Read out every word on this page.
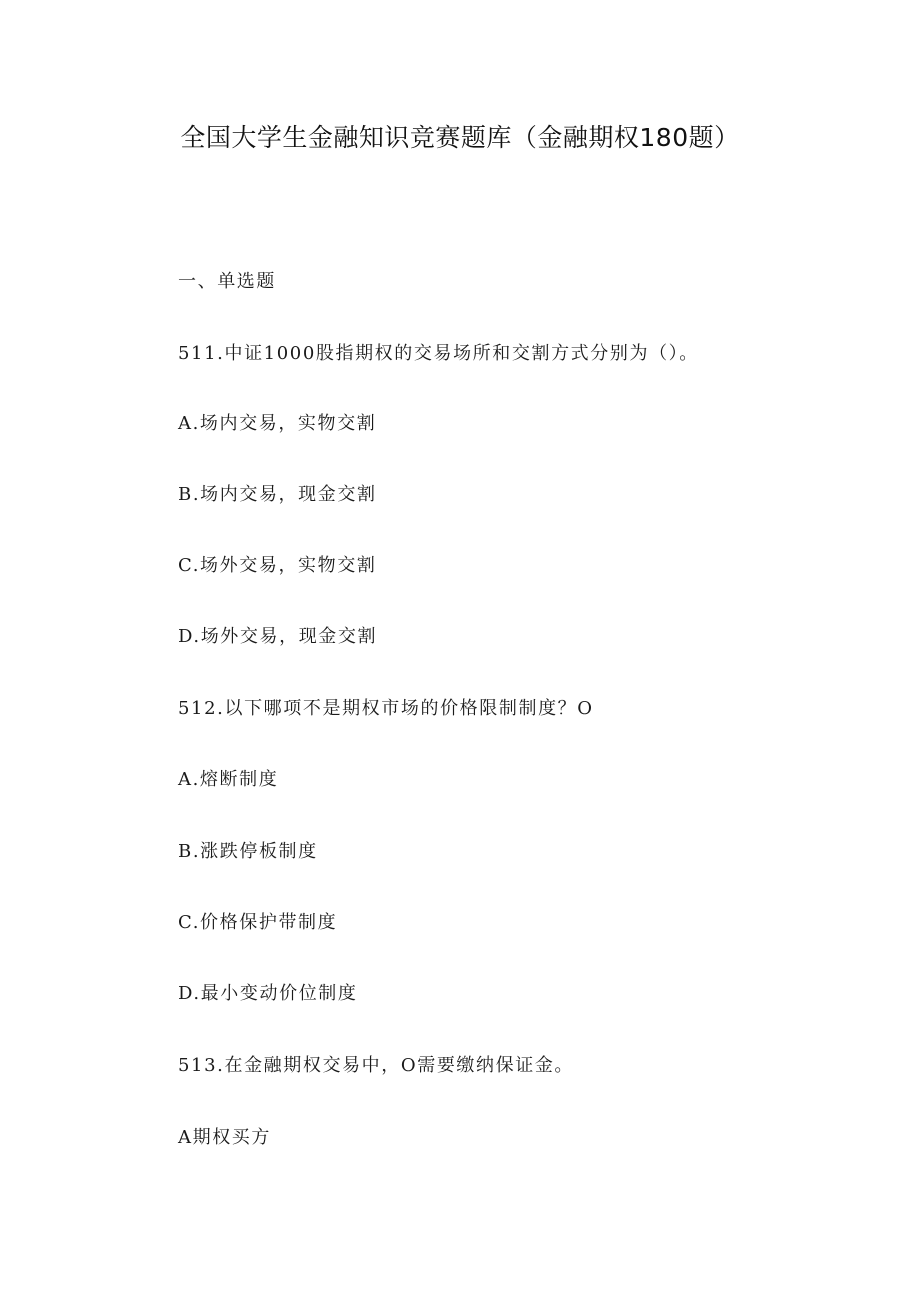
全国大学生金融知识竞赛题库（金融期权180题）
一、单选题
511.中证1000股指期权的交易场所和交割方式分别为（）。
A.场内交易，实物交割
B.场内交易，现金交割
C.场外交易，实物交割
D.场外交易，现金交割
512.以下哪项不是期权市场的价格限制制度？O
A.熔断制度
B.涨跌停板制度
C.价格保护带制度
D.最小变动价位制度
513.在金融期权交易中，O需要缴纳保证金。
A期权买方
